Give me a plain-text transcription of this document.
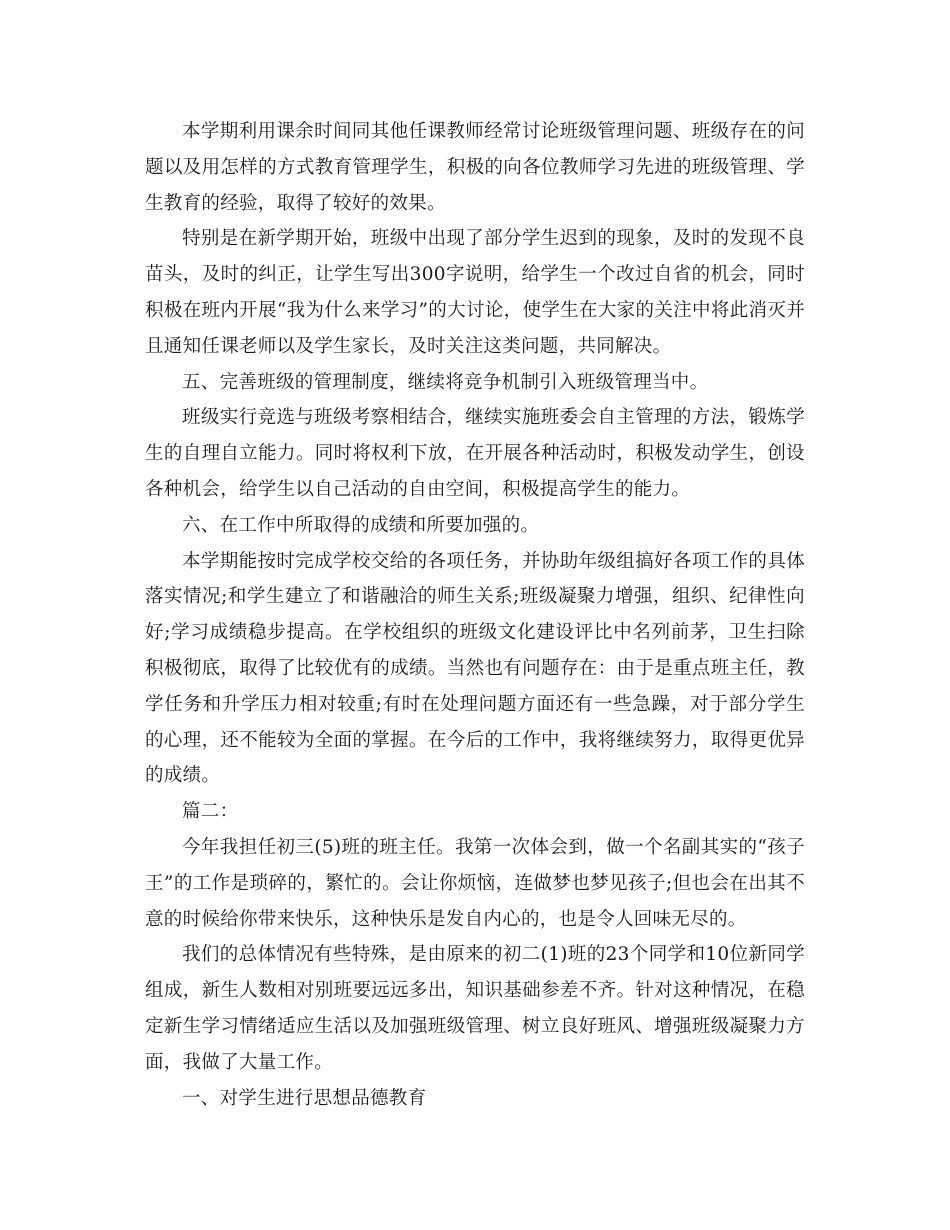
本学期利用课余时间同其他任课教师经常讨论班级管理问题、班级存在的问题以及用怎样的方式教育管理学生，积极的向各位教师学习先进的班级管理、学生教育的经验，取得了较好的效果。

特别是在新学期开始，班级中出现了部分学生迟到的现象，及时的发现不良苗头，及时的纠正，让学生写出300字说明，给学生一个改过自省的机会，同时积极在班内开展“我为什么来学习”的大讨论，使学生在大家的关注中将此消灭并且通知任课老师以及学生家长，及时关注这类问题，共同解决。

五、完善班级的管理制度，继续将竞争机制引入班级管理当中。

班级实行竞选与班级考察相结合，继续实施班委会自主管理的方法，锻炼学生的自理自立能力。同时将权利下放，在开展各种活动时，积极发动学生，创设各种机会，给学生以自己活动的自由空间，积极提高学生的能力。

六、在工作中所取得的成绩和所要加强的。

本学期能按时完成学校交给的各项任务，并协助年级组搞好各项工作的具体落实情况;和学生建立了和谐融洽的师生关系;班级凝聚力增强，组织、纪律性向好;学习成绩稳步提高。在学校组织的班级文化建设评比中名列前茅，卫生扫除积极彻底，取得了比较优有的成绩。当然也有问题存在：由于是重点班主任，教学任务和升学压力相对较重;有时在处理问题方面还有一些急躁，对于部分学生的心理，还不能较为全面的掌握。在今后的工作中，我将继续努力，取得更优异的成绩。

篇二：

今年我担任初三(5)班的班主任。我第一次体会到，做一个名副其实的“孩子王”的工作是琐碎的，繁忙的。会让你烦恼，连做梦也梦见孩子;但也会在出其不意的时候给你带来快乐，这种快乐是发自内心的，也是令人回味无尽的。

我们的总体情况有些特殊，是由原来的初二(1)班的23个同学和10位新同学组成，新生人数相对别班要远远多出，知识基础参差不齐。针对这种情况，在稳定新生学习情绪适应生活以及加强班级管理、树立良好班风、增强班级凝聚力方面，我做了大量工作。

一、对学生进行思想品德教育
